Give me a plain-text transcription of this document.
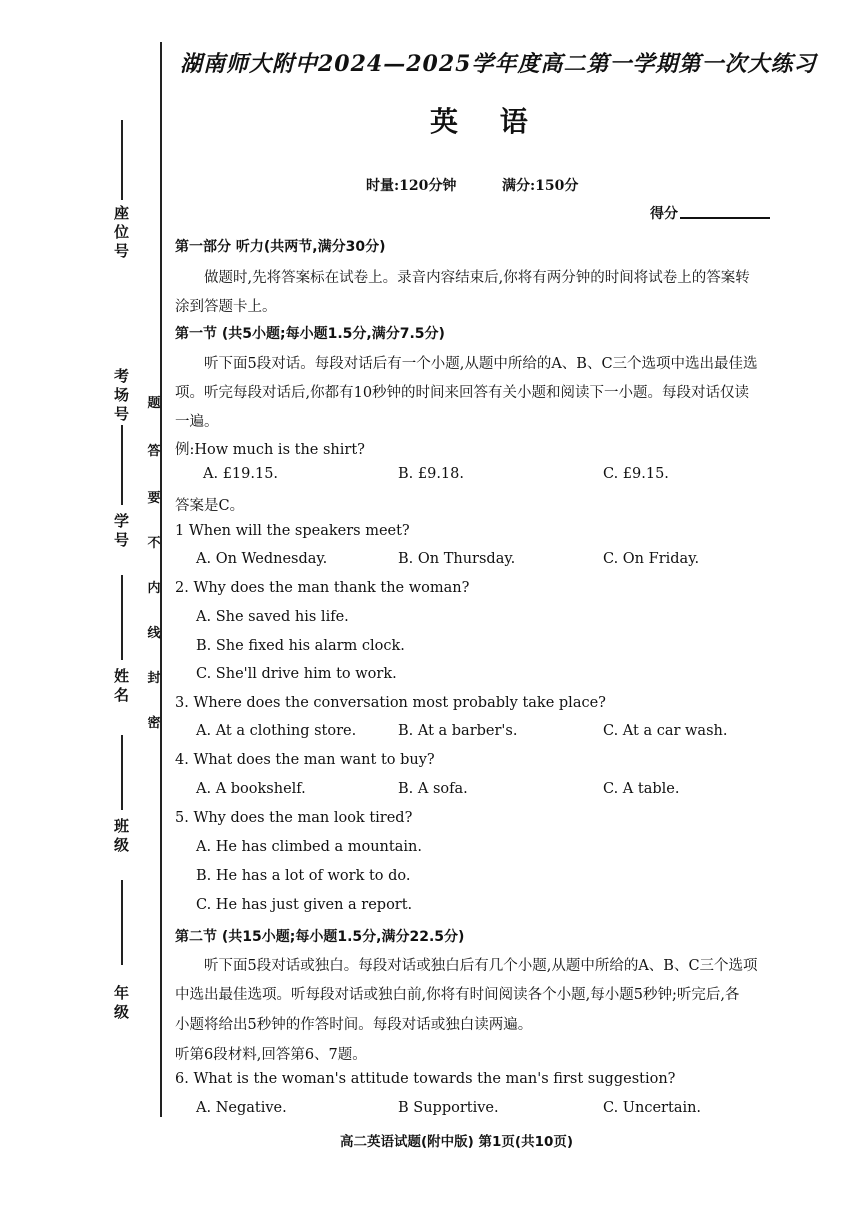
座位号
考场号
学号
姓名
班级
年级
题
答
要
不
内
线
封
密
湖南师大附中2024—2025学年度高二第一学期第一次大练习
英 语
时量:120分钟	满分:150分
得分
第一部分 听力(共两节,满分30分)
做题时,先将答案标在试卷上。录音内容结束后,你将有两分钟的时间将试卷上的答案转
涂到答题卡上。
第一节 (共5小题;每小题1.5分,满分7.5分)
听下面5段对话。每段对话后有一个小题,从题中所给的A、B、C三个选项中选出最佳选
项。听完每段对话后,你都有10秒钟的时间来回答有关小题和阅读下一小题。每段对话仅读
一遍。
例:How much is the shirt?
A. £19.15.	B. £9.18.	C. £9.15.
答案是C。
1 When will the speakers meet?
A. On Wednesday.	B. On Thursday.	C. On Friday.
2. Why does the man thank the woman?
A. She saved his life.
B. She fixed his alarm clock.
C. She'll drive him to work.
3. Where does the conversation most probably take place?
A. At a clothing store.	B. At a barber's.	C. At a car wash.
4. What does the man want to buy?
A. A bookshelf.	B. A sofa.	C. A table.
5. Why does the man look tired?
A. He has climbed a mountain.
B. He has a lot of work to do.
C. He has just given a report.
第二节 (共15小题;每小题1.5分,满分22.5分)
听下面5段对话或独白。每段对话或独白后有几个小题,从题中所给的A、B、C三个选项
中选出最佳选项。听每段对话或独白前,你将有时间阅读各个小题,每小题5秒钟;听完后,各
小题将给出5秒钟的作答时间。每段对话或独白读两遍。
听第6段材料,回答第6、7题。
6. What is the woman's attitude towards the man's first suggestion?
A. Negative.	B Supportive.	C. Uncertain.
高二英语试题(附中版) 第1页(共10页)
